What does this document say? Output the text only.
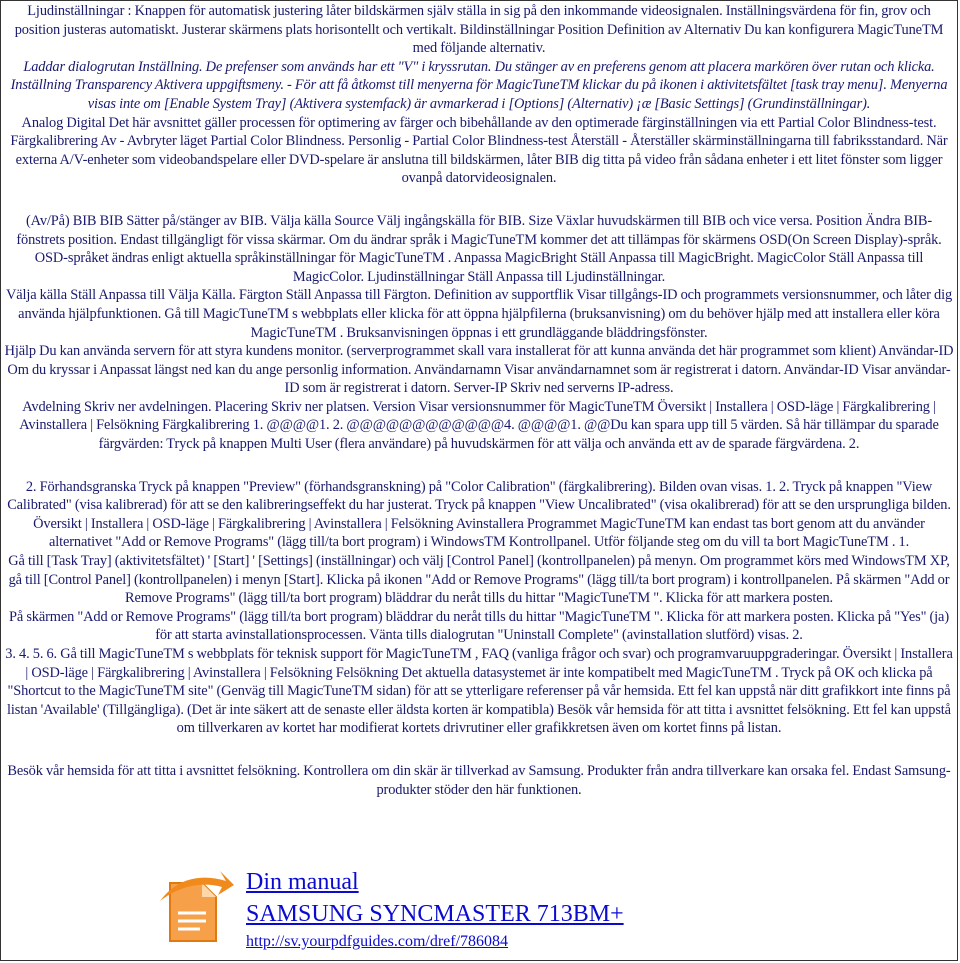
Ljudinställningar : Knappen för automatisk justering låter bildskärmen själv ställa in sig på den inkommande videosignalen. Inställningsvärdena för fin, grov och position justeras automatiskt. Justerar skärmens plats horisontellt och vertikalt. Bildinställningar Position Definition av Alternativ Du kan konfigurera MagicTuneTM med följande alternativ.

Laddar dialogrutan Inställning. De prefenser som används har ett "V" i kryssrutan. Du stänger av en preferens genom att placera markören över rutan och klicka. Inställning Transparency Aktivera uppgiftsmeny. - För att få åtkomst till menyerna för MagicTuneTM klickar du på ikonen i aktivitetsfältet [task tray menu]. Menyerna visas inte om [Enable System Tray] (Aktivera systemfack) är avmarkerad i [Options] (Alternativ) ¡æ [Basic Settings] (Grundinställningar).

Analog Digital Det här avsnittet gäller processen för optimering av färger och bibehållande av den optimerade färginställningen via ett Partial Color Blindness-test. Färgkalibrering Av - Avbryter läget Partial Color Blindness. Personlig - Partial Color Blindness-test Återställ - Återställer skärminställningarna till fabriksstandard. När externa A/V-enheter som videobandspelare eller DVD-spelare är anslutna till bildskärmen, låter BIB dig titta på video från sådana enheter i ett litet fönster som ligger ovanpå datorvideosignalen.

(Av/På) BIB BIB Sätter på/stänger av BIB. Välja källa Source Välj ingångskälla för BIB. Size Växlar huvudskärmen till BIB och vice versa. Position Ändra BIB-fönstrets position. Endast tillgängligt för vissa skärmar. Om du ändrar språk i MagicTuneTM kommer det att tillämpas för skärmens OSD(On Screen Display)-språk. OSD-språket ändras enligt aktuella språkinställningar för MagicTuneTM . Anpassa MagicBright Ställ Anpassa till MagicBright. MagicColor Ställ Anpassa till MagicColor. Ljudinställningar Ställ Anpassa till Ljudinställningar.

Välja källa Ställ Anpassa till Välja Källa. Färgton Ställ Anpassa till Färgton. Definition av supportflik Visar tillgångs-ID och programmets versionsnummer, och låter dig använda hjälpfunktionen. Gå till MagicTuneTM s webbplats eller klicka för att öppna hjälpfilerna (bruksanvisning) om du behöver hjälp med att installera eller köra MagicTuneTM . Bruksanvisningen öppnas i ett grundläggande bläddringsfönster.

Hjälp Du kan använda servern för att styra kundens monitor. (serverprogrammet skall vara installerat för att kunna använda det här programmet som klient) Användar-ID Om du kryssar i Anpassat längst ned kan du ange personlig information. Användarnamn Visar användarnamnet som är registrerat i datorn. Användar-ID Visar användar-ID som är registrerat i datorn. Server-IP Skriv ned serverns IP-adress.

Avdelning Skriv ner avdelningen. Placering Skriv ner platsen. Version Visar versionsnummer för MagicTuneTM Översikt | Installera | OSD-läge | Färgkalibrering | Avinstallera | Felsökning Färgkalibrering 1. @@@@1. 2. @@@@@@@@@@@@4. @@@@1. @@Du kan spara upp till 5 värden. Så här tillämpar du sparade färgvärden: Tryck på knappen Multi User (flera användare) på huvudskärmen för att välja och använda ett av de sparade färgvärdena. 2.

2. Förhandsgranska Tryck på knappen "Preview" (förhandsgranskning) på "Color Calibration" (färgkalibrering). Bilden ovan visas. 1. 2. Tryck på knappen "View Calibrated" (visa kalibrerad) för att se den kalibreringseffekt du har justerat. Tryck på knappen "View Uncalibrated" (visa okalibrerad) för att se den ursprungliga bilden. Översikt | Installera | OSD-läge | Färgkalibrering | Avinstallera | Felsökning Avinstallera Programmet MagicTuneTM kan endast tas bort genom att du använder alternativet "Add or Remove Programs" (lägg till/ta bort program) i WindowsTM Kontrollpanel. Utför följande steg om du vill ta bort MagicTuneTM . 1.

Gå till [Task Tray] (aktivitetsfältet) ' [Start] ' [Settings] (inställningar) och välj [Control Panel] (kontrollpanelen) på menyn. Om programmet körs med WindowsTM XP, gå till [Control Panel] (kontrollpanelen) i menyn [Start]. Klicka på ikonen "Add or Remove Programs" (lägg till/ta bort program) i kontrollpanelen. På skärmen "Add or Remove Programs" (lägg till/ta bort program) bläddrar du neråt tills du hittar "MagicTuneTM ". Klicka för att markera posten.

På skärmen "Add or Remove Programs" (lägg till/ta bort program) bläddrar du neråt tills du hittar "MagicTuneTM ". Klicka för att markera posten. Klicka på "Yes" (ja) för att starta avinstallationsprocessen. Vänta tills dialogrutan "Uninstall Complete" (avinstallation slutförd) visas. 2.

3. 4. 5. 6. Gå till MagicTuneTM s webbplats för teknisk support för MagicTuneTM , FAQ (vanliga frågor och svar) och programvaruuppgraderingar. Översikt | Installera | OSD-läge | Färgkalibrering | Avinstallera | Felsökning Felsökning Det aktuella datasystemet är inte kompatibelt med MagicTuneTM . Tryck på OK och klicka på "Shortcut to the MagicTuneTM site" (Genväg till MagicTuneTM sidan) för att se ytterligare referenser på vår hemsida. Ett fel kan uppstå när ditt grafikkort inte finns på listan 'Available' (Tillgängliga). (Det är inte säkert att de senaste eller äldsta korten är kompatibla) Besök vår hemsida för att titta i avsnittet felsökning. Ett fel kan uppstå om tillverkaren av kortet har modifierat kortets drivrutiner eller grafikkretsen även om kortet finns på listan.

Besök vår hemsida för att titta i avsnittet felsökning. Kontrollera om din skär är tillverkad av Samsung. Produkter från andra tillverkare kan orsaka fel. Endast Samsung-produkter stöder den här funktionen.

Din manual
SAMSUNG SYNCMASTER 713BM+
http://sv.yourpdfguides.com/dref/786084
